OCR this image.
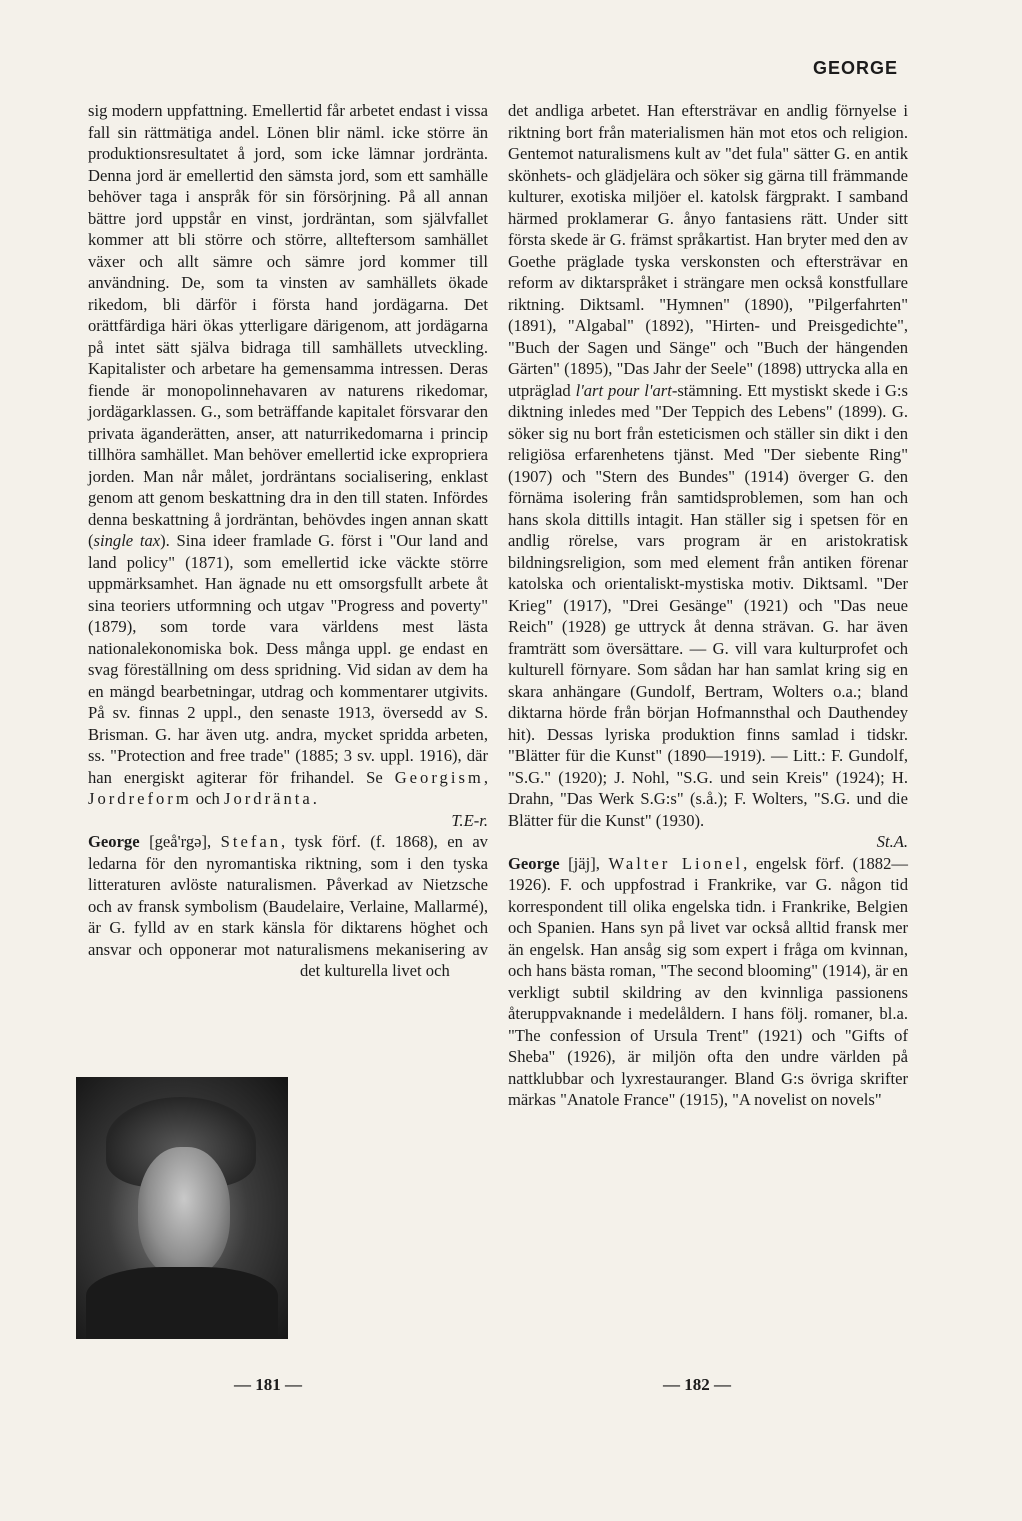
GEORGE

sig modern uppfattning. Emellertid får arbetet endast i vissa fall sin rättmätiga andel. Lönen blir näml. icke större än produktionsresultatet å jord, som icke lämnar jordränta. Denna jord är emellertid den sämsta jord, som ett samhälle behöver taga i anspråk för sin försörjning. På all annan bättre jord uppstår en vinst, jordräntan, som självfallet kommer att bli större och större, allteftersom samhället växer och allt sämre och sämre jord kommer till användning. De, som ta vinsten av samhällets ökade rikedom, bli därför i första hand jordägarna. Det orättfärdiga häri ökas ytterligare därigenom, att jordägarna på intet sätt själva bidraga till samhällets utveckling. Kapitalister och arbetare ha gemensamma intressen. Deras fiende är monopolinnehavaren av naturens rikedomar, jordägarklassen. G., som beträffande kapitalet försvarar den privata äganderätten, anser, att naturrikedomarna i princip tillhöra samhället. Man behöver emellertid icke expropriera jorden. Man når målet, jordräntans socialisering, enklast genom att genom beskattning dra in den till staten. Infördes denna beskattning å jordräntan, behövdes ingen annan skatt (single tax). Sina ideer framlade G. först i "Our land and land policy" (1871), som emellertid icke väckte större uppmärksamhet. Han ägnade nu ett omsorgsfullt arbete åt sina teoriers utformning och utgav "Progress and poverty" (1879), som torde vara världens mest lästa nationalekonomiska bok. Dess många uppl. ge endast en svag föreställning om dess spridning. Vid sidan av dem ha en mängd bearbetningar, utdrag och kommentarer utgivits. På sv. finnas 2 uppl., den senaste 1913, översedd av S. Brisman. G. har även utg. andra, mycket spridda arbeten, ss. "Protection and free trade" (1885; 3 sv. uppl. 1916), där han energiskt agiterar för frihandel. Se Georgism, Jordreform och Jordränta.

T.E-r.

George [geå'rgə], Stefan, tysk förf. (f. 1868), en av ledarna för den nyromantiska riktning, som i den tyska litteraturen avlöste naturalismen. Påverkad av Nietzsche och av fransk symbolism (Baudelaire, Verlaine, Mallarmé), är G. fylld av en stark känsla för diktarens höghet och ansvar och opponerar mot naturalismens mekanisering av det kulturella livet och

det andliga arbetet. Han eftersträvar en andlig förnyelse i riktning bort från materialismen hän mot etos och religion. Gentemot naturalismens kult av "det fula" sätter G. en antik skönhets- och glädjelära och söker sig gärna till främmande kulturer, exotiska miljöer el. katolsk färgprakt. I samband härmed proklamerar G. ånyo fantasiens rätt. Under sitt första skede är G. främst språkartist. Han bryter med den av Goethe präglade tyska verskonsten och eftersträvar en reform av diktarspråket i strängare men också konstfullare riktning. Diktsaml. "Hymnen" (1890), "Pilgerfahrten" (1891), "Algabal" (1892), "Hirten- und Preisgedichte", "Buch der Sagen und Sänge" och "Buch der hängenden Gärten" (1895), "Das Jahr der Seele" (1898) uttrycka alla en utpräglad l'art pour l'art-stämning. Ett mystiskt skede i G:s diktning inledes med "Der Teppich des Lebens" (1899). G. söker sig nu bort från esteticismen och ställer sin dikt i den religiösa erfarenhetens tjänst. Med "Der siebente Ring" (1907) och "Stern des Bundes" (1914) överger G. den förnäma isolering från samtidsproblemen, som han och hans skola dittills intagit. Han ställer sig i spetsen för en andlig rörelse, vars program är en aristokratisk bildningsreligion, som med element från antiken förenar katolska och orientaliskt-mystiska motiv. Diktsaml. "Der Krieg" (1917), "Drei Gesänge" (1921) och "Das neue Reich" (1928) ge uttryck åt denna strävan. G. har även framträtt som översättare. — G. vill vara kulturprofet och kulturell förnyare. Som sådan har han samlat kring sig en skara anhängare (Gundolf, Bertram, Wolters o.a.; bland diktarna hörde från början Hofmannsthal och Dauthendey hit). Dessas lyriska produktion finns samlad i tidskr. "Blätter für die Kunst" (1890—1919). — Litt.: F. Gundolf, "S.G." (1920); J. Nohl, "S.G. und sein Kreis" (1924); H. Drahn, "Das Werk S.G:s" (s.å.); F. Wolters, "S.G. und die Blätter für die Kunst" (1930).

St.A.

George [jäj], Walter Lionel, engelsk förf. (1882—1926). F. och uppfostrad i Frankrike, var G. någon tid korrespondent till olika engelska tidn. i Frankrike, Belgien och Spanien. Hans syn på livet var också alltid fransk mer än engelsk. Han ansåg sig som expert i fråga om kvinnan, och hans bästa roman, "The second blooming" (1914), är en verkligt subtil skildring av den kvinnliga passionens återuppvaknande i medelåldern. I hans följ. romaner, bl.a. "The confession of Ursula Trent" (1921) och "Gifts of Sheba" (1926), är miljön ofta den undre världen på nattklubbar och lyxrestauranger. Bland G:s övriga skrifter märkas "Anatole France" (1915), "A novelist on novels"

— 181 —	— 182 —
